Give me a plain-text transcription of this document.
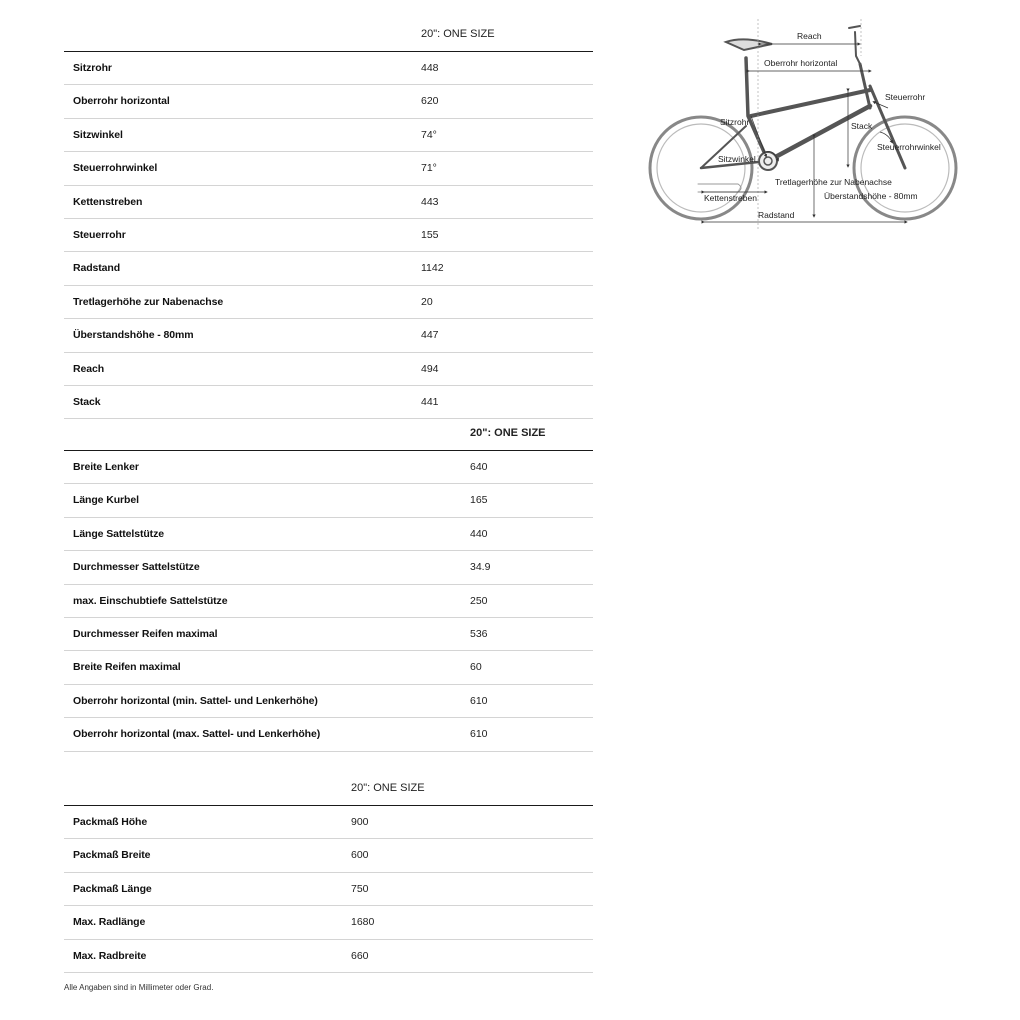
20": ONE SIZE
Sitzrohr	448
Oberrohr horizontal	620
Sitzwinkel	74°
Steuerrohrwinkel	71°
Kettenstreben	443
Steuerrohr	155
Radstand	1142
Tretlagerhöhe zur Nabenachse	20
Überstandshöhe - 80mm	447
Reach	494
Stack	441
20": ONE SIZE
Breite Lenker	640
Länge Kurbel	165
Länge Sattelstütze	440
Durchmesser Sattelstütze	34.9
max. Einschubtiefe Sattelstütze	250
Durchmesser Reifen maximal	536
Breite Reifen maximal	60
Oberrohr horizontal (min. Sattel- und Lenkerhöhe)	610
Oberrohr horizontal (max. Sattel- und Lenkerhöhe)	610
20": ONE SIZE
Packmaß Höhe	900
Packmaß Breite	600
Packmaß Länge	750
Max. Radlänge	1680
Max. Radbreite	660
Alle Angaben sind in Millimeter oder Grad.
Reach
Oberrohr horizontal
Steuerrohr
Sitzrohr	Stack
Steuerrohrwinkel
Sitzwinkel
Tretlagerhöhe zur Nabenachse
Überstandshöhe - 80mm
Kettenstreben
Radstand
